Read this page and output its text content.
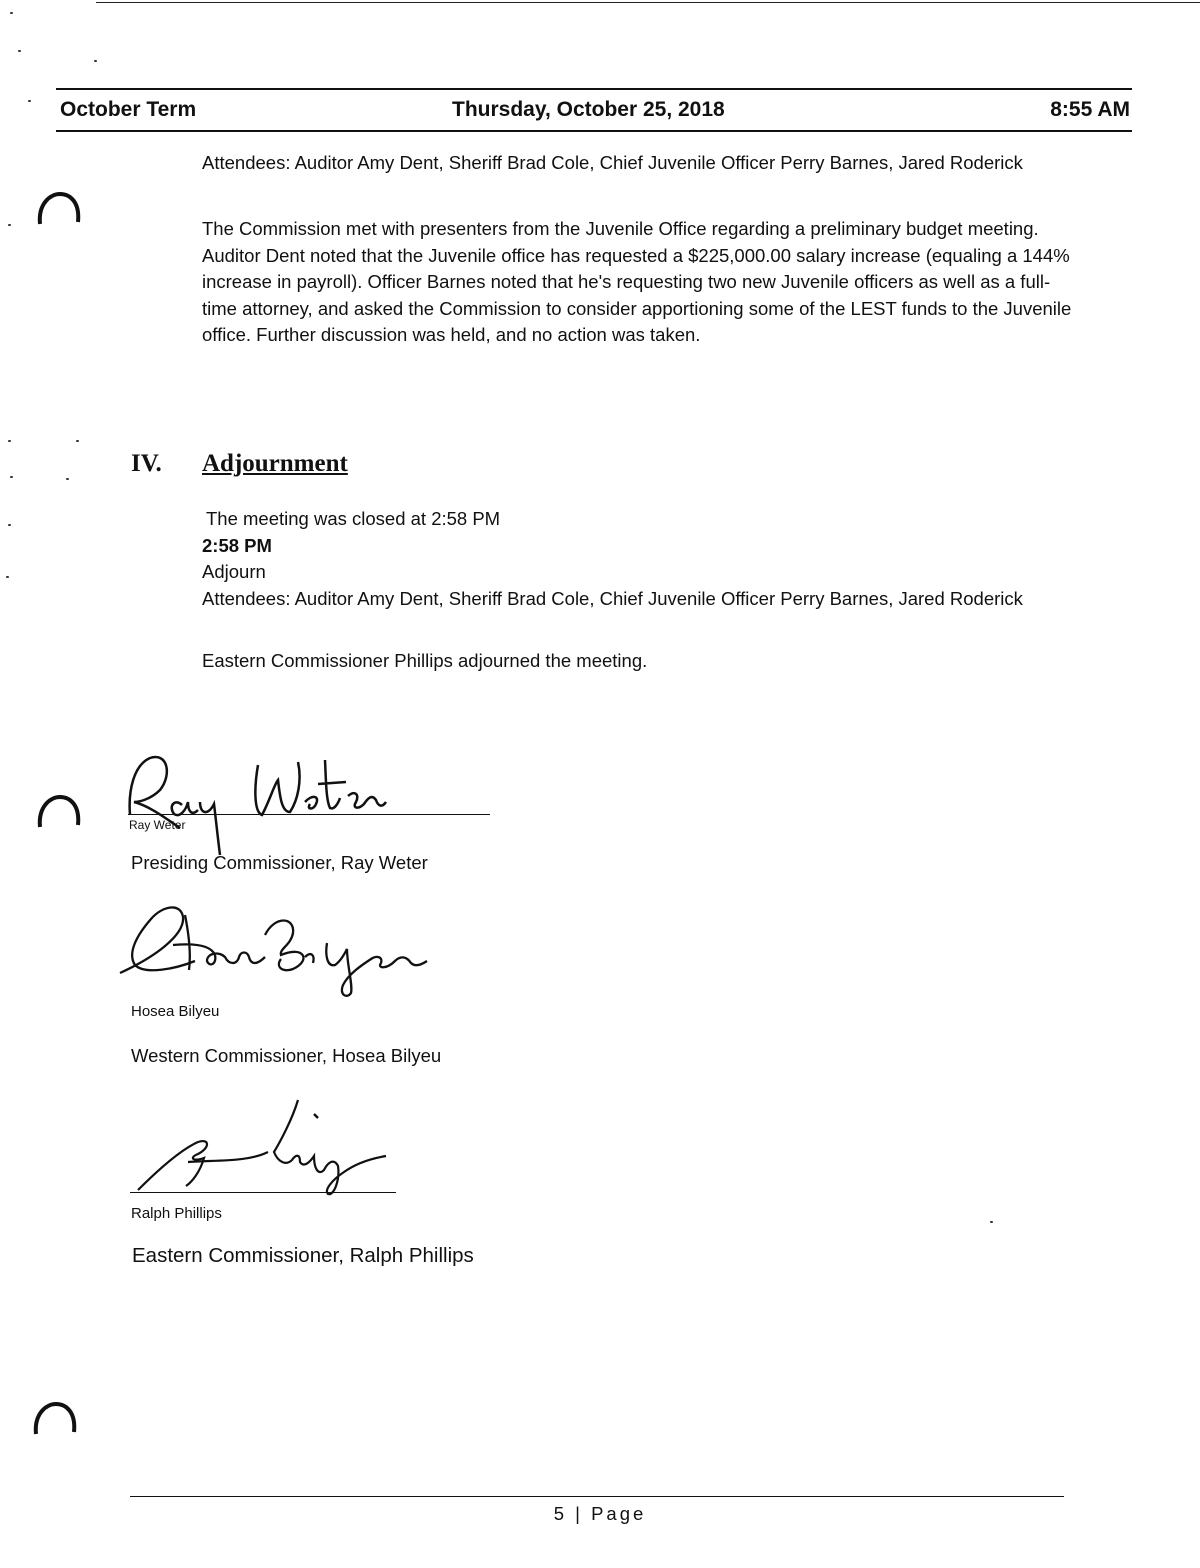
October Term	Thursday, October 25, 2018	8:55 AM
Attendees: Auditor Amy Dent, Sheriff Brad Cole, Chief Juvenile Officer Perry Barnes, Jared Roderick
The Commission met with presenters from the Juvenile Office regarding a preliminary budget meeting. Auditor Dent noted that the Juvenile office has requested a $225,000.00 salary increase (equaling a 144% increase in payroll). Officer Barnes noted that he's requesting two new Juvenile officers as well as a full-time attorney, and asked the Commission to consider apportioning some of the LEST funds to the Juvenile office. Further discussion was held, and no action was taken.
IV. Adjournment
The meeting was closed at 2:58 PM
2:58 PM
Adjourn
Attendees: Auditor Amy Dent, Sheriff Brad Cole, Chief Juvenile Officer Perry Barnes, Jared Roderick
Eastern Commissioner Phillips adjourned the meeting.
Ray Weter
Presiding Commissioner, Ray Weter
Hosea Bilyeu
Western Commissioner, Hosea Bilyeu
Ralph Phillips
Eastern Commissioner, Ralph Phillips
5 | Page
